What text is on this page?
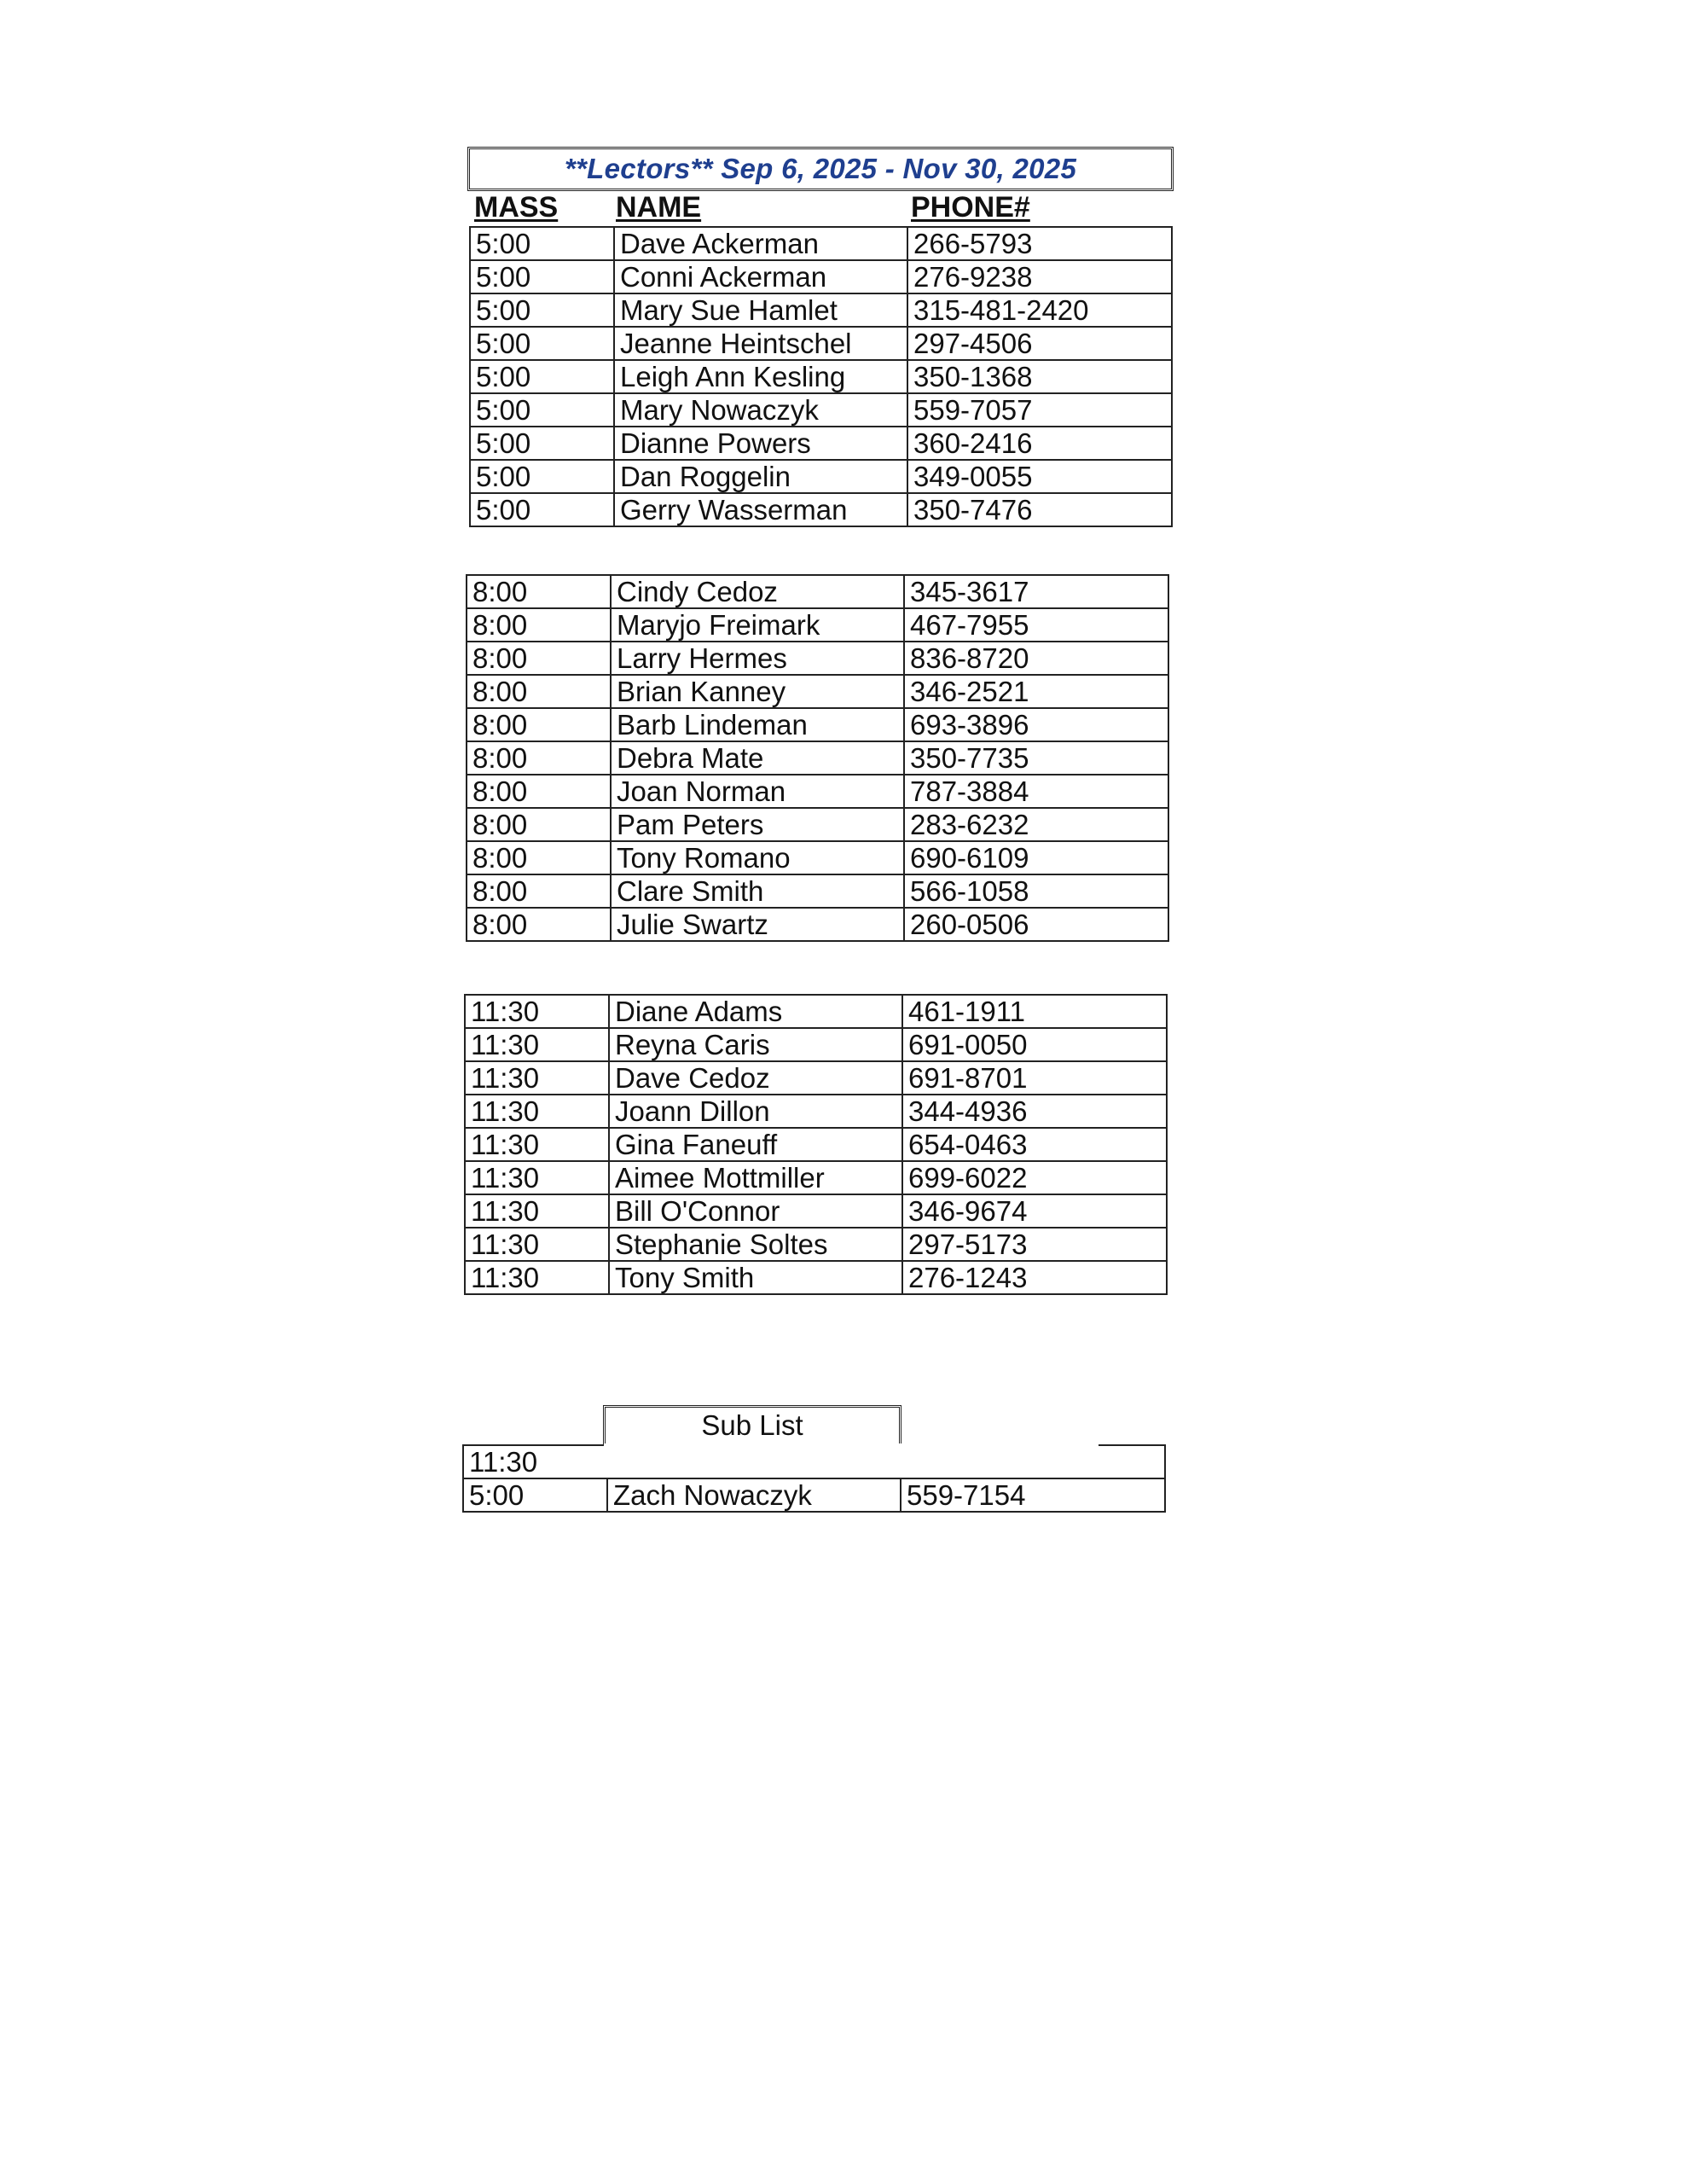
**Lectors** Sep 6, 2025 - Nov 30, 2025
MASS NAME	PHONE#
5:00	Dave Ackerman	266-5793
5:00	Conni Ackerman	276-9238
5:00	Mary Sue Hamlet	315-481-2420
5:00	Jeanne Heintschel	297-4506
5:00	Leigh Ann Kesling	350-1368
5:00	Mary Nowaczyk	559-7057
5:00	Dianne Powers	360-2416
5:00	Dan Roggelin	349-0055
5:00	Gerry Wasserman	350-7476
8:00	Cindy Cedoz	345-3617
8:00	Maryjo Freimark	467-7955
8:00	Larry Hermes	836-8720
8:00	Brian Kanney	346-2521
8:00	Barb Lindeman	693-3896
8:00	Debra Mate	350-7735
8:00	Joan Norman	787-3884
8:00	Pam Peters	283-6232
8:00	Tony Romano	690-6109
8:00	Clare Smith	566-1058
8:00	Julie Swartz	260-0506
11:30	Diane Adams	461-1911
11:30	Reyna Caris	691-0050
11:30	Dave Cedoz	691-8701
11:30	Joann Dillon	344-4936
11:30	Gina Faneuff	654-0463
11:30	Aimee Mottmiller	699-6022
11:30	Bill O'Connor	346-9674
11:30	Stephanie Soltes	297-5173
11:30	Tony Smith	276-1243
Sub List
11:30		
5:00	Zach Nowaczyk	559-7154
